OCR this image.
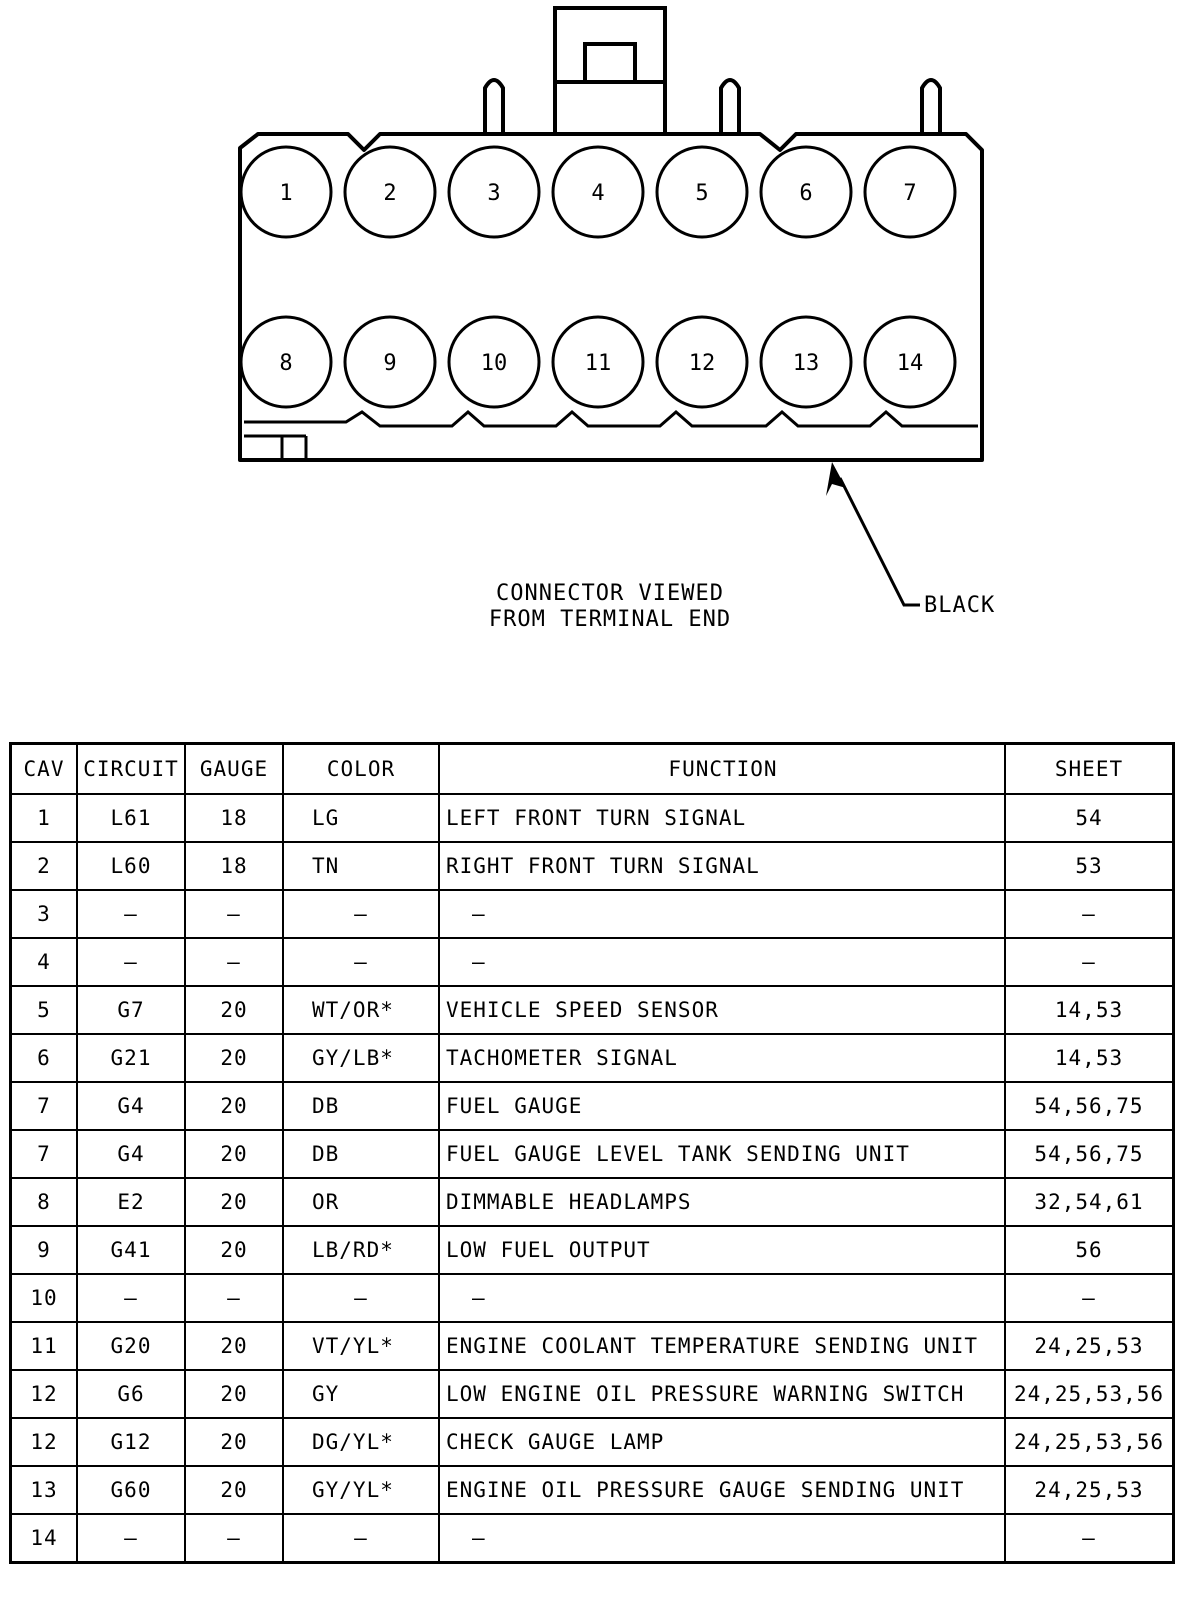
1	2	3	4	5	6	7
8	9	10	11	12	13	14
CONNECTOR VIEWED
FROM TERMINAL END
BLACK
CAV	CIRCUIT	GAUGE	COLOR	FUNCTION	SHEET
1	L61	18	LG	LEFT FRONT TURN SIGNAL	54
2	L60	18	TN	RIGHT FRONT TURN SIGNAL	53
3	—	—	—	—	—
4	—	—	—	—	—
5	G7	20	WT/OR*	VEHICLE SPEED SENSOR	14,53
6	G21	20	GY/LB*	TACHOMETER SIGNAL	14,53
7	G4	20	DB	FUEL GAUGE	54,56,75
7	G4	20	DB	FUEL GAUGE LEVEL TANK SENDING UNIT	54,56,75
8	E2	20	OR	DIMMABLE HEADLAMPS	32,54,61
9	G41	20	LB/RD*	LOW FUEL OUTPUT	56
10	—	—	—	—	—
11	G20	20	VT/YL*	ENGINE COOLANT TEMPERATURE SENDING UNIT	24,25,53
12	G6	20	GY	LOW ENGINE OIL PRESSURE WARNING SWITCH	24,25,53,56
12	G12	20	DG/YL*	CHECK GAUGE LAMP	24,25,53,56
13	G60	20	GY/YL*	ENGINE OIL PRESSURE GAUGE SENDING UNIT	24,25,53
14	—	—	—	—	—
